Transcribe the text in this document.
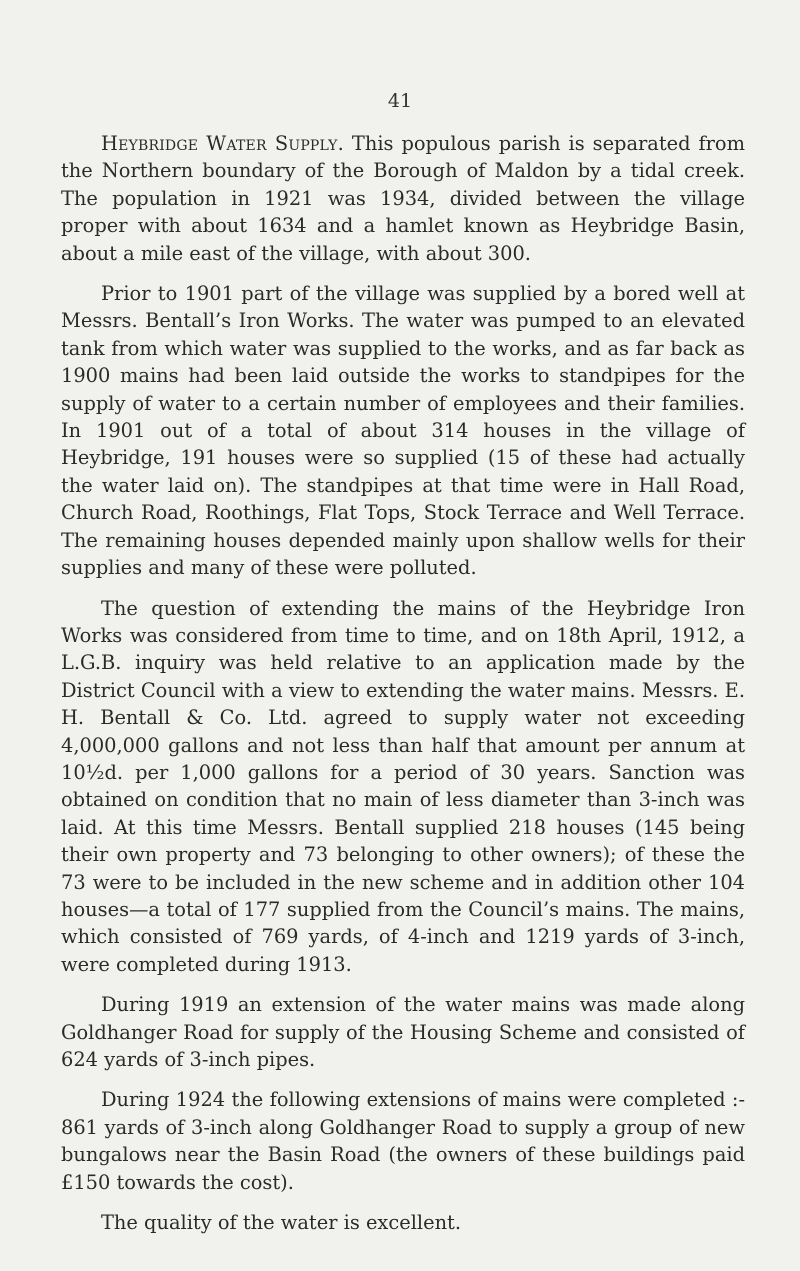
41

Heybridge Water Supply. This populous parish is separated from the Northern boundary of the Borough of Maldon by a tidal creek. The population in 1921 was 1934, divided between the village proper with about 1634 and a hamlet known as Heybridge Basin, about a mile east of the village, with about 300.

Prior to 1901 part of the village was supplied by a bored well at Messrs. Bentall’s Iron Works. The water was pumped to an elevated tank from which water was supplied to the works, and as far back as 1900 mains had been laid outside the works to standpipes for the supply of water to a certain number of employees and their families. In 1901 out of a total of about 314 houses in the village of Heybridge, 191 houses were so supplied (15 of these had actually the water laid on). The standpipes at that time were in Hall Road, Church Road, Roothings, Flat Tops, Stock Terrace and Well Terrace. The remaining houses depended mainly upon shallow wells for their supplies and many of these were polluted.

The question of extending the mains of the Heybridge Iron Works was considered from time to time, and on 18th April, 1912, a L.G.B. inquiry was held relative to an application made by the District Council with a view to extending the water mains. Messrs. E. H. Bentall & Co. Ltd. agreed to supply water not exceeding 4,000,000 gallons and not less than half that amount per annum at 10½d. per 1,000 gallons for a period of 30 years. Sanction was obtained on condition that no main of less diameter than 3-inch was laid. At this time Messrs. Bentall supplied 218 houses (145 being their own property and 73 belonging to other owners); of these the 73 were to be included in the new scheme and in addition other 104 houses—a total of 177 supplied from the Council’s mains. The mains, which consisted of 769 yards, of 4-inch and 1219 yards of 3-inch, were completed during 1913.

During 1919 an extension of the water mains was made along Goldhanger Road for supply of the Housing Scheme and consisted of 624 yards of 3-inch pipes.

During 1924 the following extensions of mains were completed :- 861 yards of 3-inch along Goldhanger Road to supply a group of new bungalows near the Basin Road (the owners of these buildings paid £150 towards the cost).

The quality of the water is excellent.
